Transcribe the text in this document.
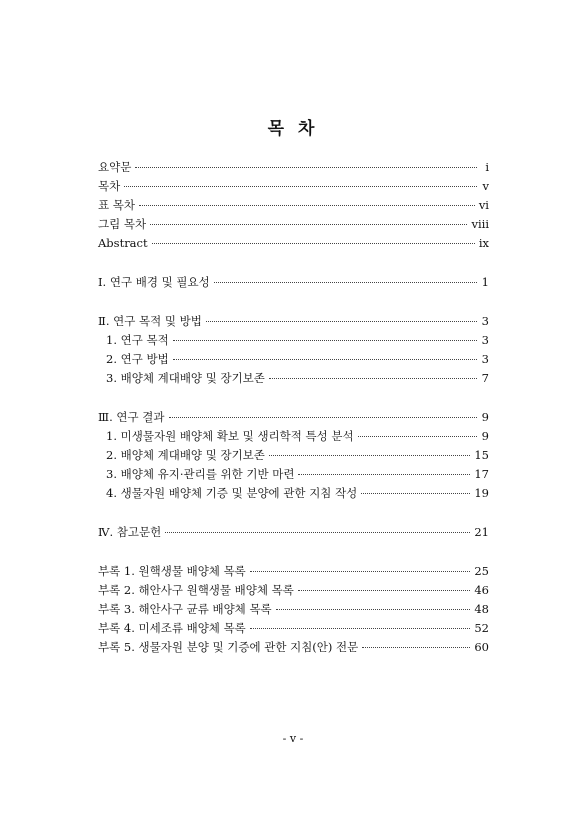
목 차
요약문	i
목차	v
표 목차	vi
그림 목차	ⅷ
Abstract	ix
Ⅰ. 연구 배경 및 필요성	1
Ⅱ. 연구 목적 및 방법	3
1. 연구 목적	3
2. 연구 방법	3
3. 배양체 계대배양 및 장기보존	7
Ⅲ. 연구 결과	9
1. 미생물자원 배양체 확보 및 생리학적 특성 분석	9
2. 배양체 계대배양 및 장기보존	15
3. 배양체 유지·관리를 위한 기반 마련	17
4. 생물자원 배양체 기증 및 분양에 관한 지침 작성	19
Ⅳ. 참고문헌	21
부록 1. 원핵생물 배양체 목록	25
부록 2. 해안사구 원핵생물 배양체 목록	46
부록 3. 해안사구 균류 배양체 목록	48
부록 4. 미세조류 배양체 목록	52
부록 5. 생물자원 분양 및 기증에 관한 지침(안) 전문	60
- v -
